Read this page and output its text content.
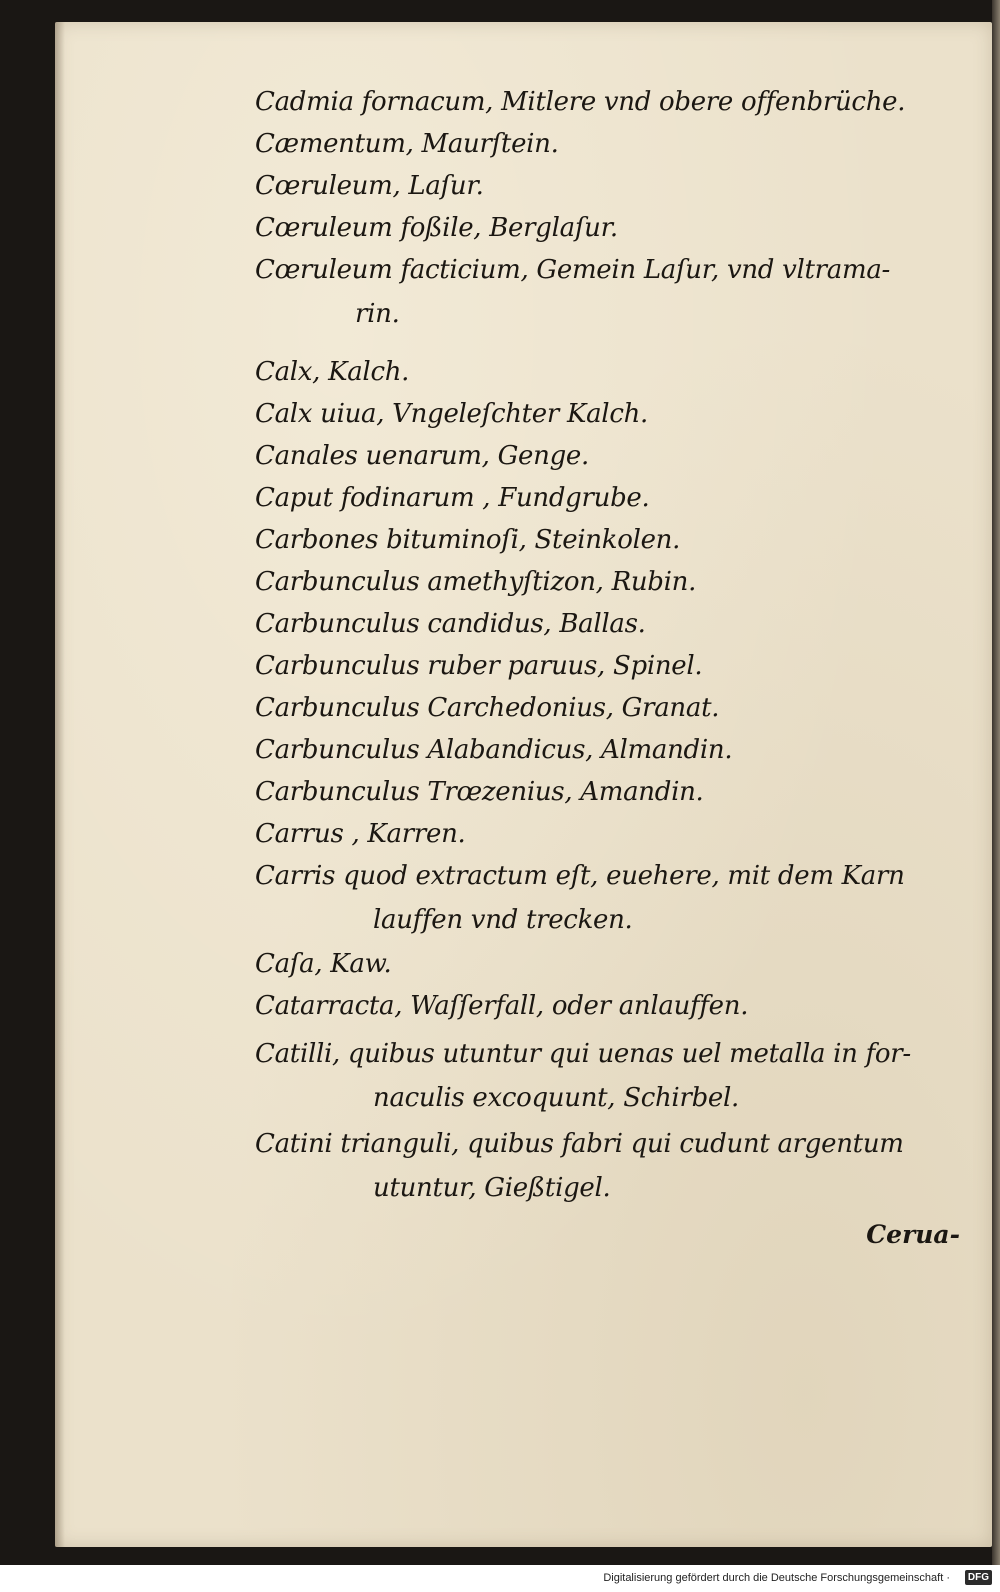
Cerua-
Cadmia fornacum, Mitlere vnd obere offenbrüche.
Cæmentum, Maurſtein.
Cœruleum, Laſur.
Cœruleum foßile, Berglaſur.
Cœruleum facticium, Gemein Laſur, vnd vltrama-
rin.
Calx, Kalch.
Calx uiua, Vngeleſchter Kalch.
Canales uenarum, Genge.
Caput fodinarum , Fundgrube.
Carbones bituminoſi, Steinkolen.
Carbunculus amethyſtizon, Rubin.
Carbunculus candidus, Ballas.
Carbunculus ruber paruus, Spinel.
Carbunculus Carchedonius, Granat.
Carbunculus Alabandicus, Almandin.
Carbunculus Trœzenius, Amandin.
Carrus , Karren.
Carris quod extractum eſt, euehere, mit dem Karn
lauffen vnd trecken.
Caſa, Kaw.
Catarracta, Waſſerfall, oder anlauffen.
Catilli, quibus utuntur qui uenas uel metalla in for-
naculis excoquunt, Schirbel.
Catini trianguli, quibus fabri qui cudunt argentum
utuntur, Gießtigel.
Digitalisierung gefördert durch die Deutsche Forschungsgemeinschaft ·	DFG
